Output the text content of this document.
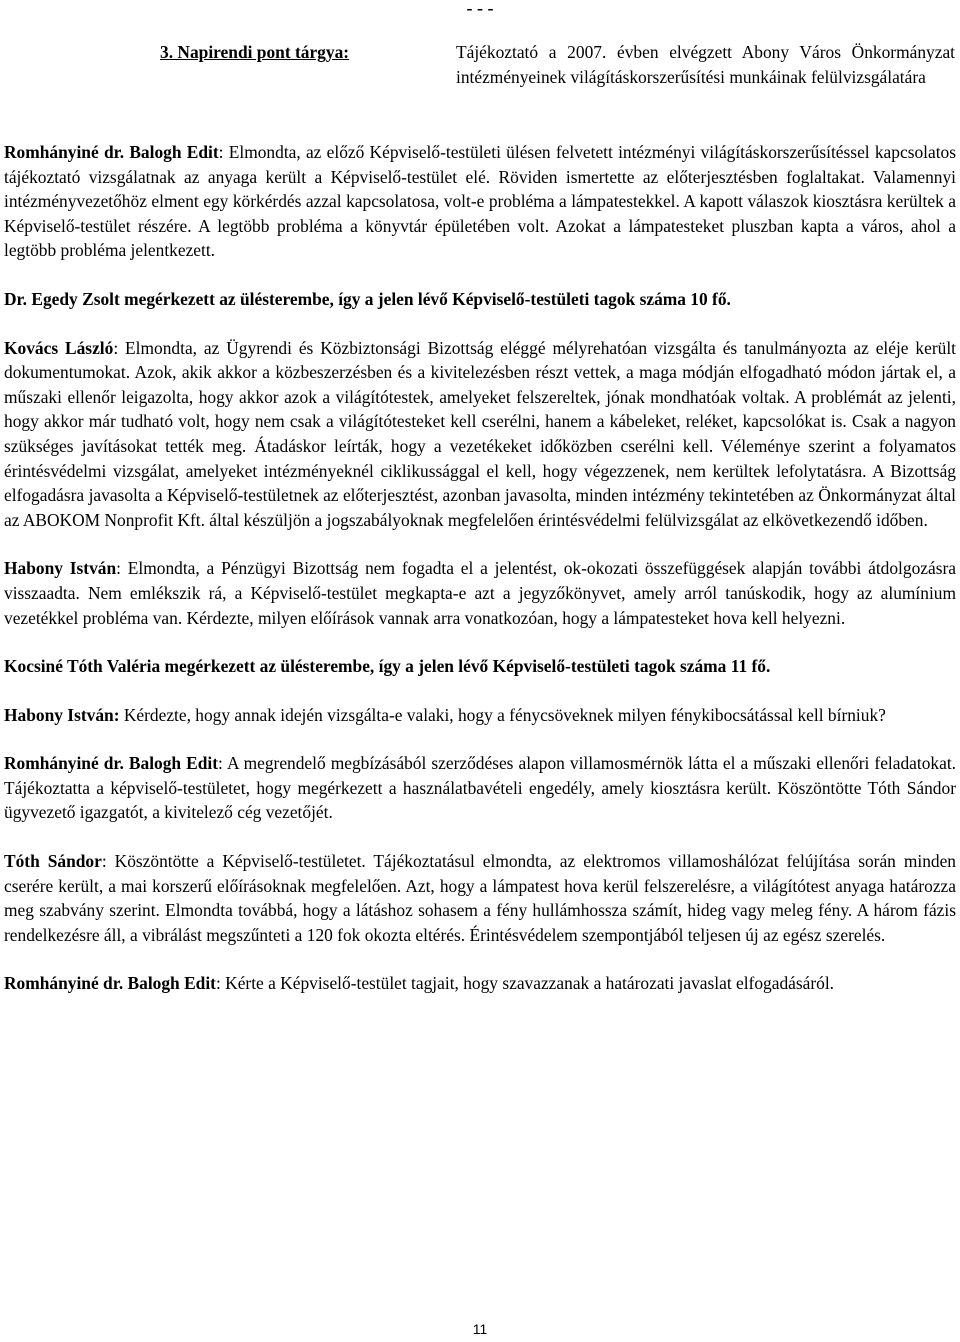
- - -
3. Napirendi pont tárgya:	Tájékoztató a 2007. évben elvégzett Abony Város Önkormányzat intézményeinek világításkorszerűsítési munkáinak felülvizsgálatára

Romhányiné dr. Balogh Edit: Elmondta, az előző Képviselő-testületi ülésen felvetett intézményi világításkorszerűsítéssel kapcsolatos tájékoztató vizsgálatnak az anyaga került a Képviselő-testület elé. Röviden ismertette az előterjesztésben foglaltakat. Valamennyi intézményvezetőhöz elment egy körkérdés azzal kapcsolatosa, volt-e probléma a lámpatestekkel. A kapott válaszok kiosztásra kerültek a Képviselő-testület részére. A legtöbb probléma a könyvtár épületében volt. Azokat a lámpatesteket pluszban kapta a város, ahol a legtöbb probléma jelentkezett.

Dr. Egedy Zsolt megérkezett az ülésterembe, így a jelen lévő Képviselő-testületi tagok száma 10 fő.

Kovács László: Elmondta, az Ügyrendi és Közbiztonsági Bizottság eléggé mélyrehatóan vizsgálta és tanulmányozta az eléje került dokumentumokat. Azok, akik akkor a közbeszerzésben és a kivitelezésben részt vettek, a maga módján elfogadható módon jártak el, a műszaki ellenőr leigazolta, hogy akkor azok a világítótestek, amelyeket felszereltek, jónak mondhatóak voltak. A problémát az jelenti, hogy akkor már tudható volt, hogy nem csak a világítótesteket kell cserélni, hanem a kábeleket, reléket, kapcsolókat is. Csak a nagyon szükséges javításokat tették meg. Átadáskor leírták, hogy a vezetékeket időközben cserélni kell. Véleménye szerint a folyamatos érintésvédelmi vizsgálat, amelyeket intézményeknél ciklikussággal el kell, hogy végezzenek, nem kerültek lefolytatásra. A Bizottság elfogadásra javasolta a Képviselő-testületnek az előterjesztést, azonban javasolta, minden intézmény tekintetében az Önkormányzat által az ABOKOM Nonprofit Kft. által készüljön a jogszabályoknak megfelelően érintésvédelmi felülvizsgálat az elkövetkezendő időben.

Habony István: Elmondta, a Pénzügyi Bizottság nem fogadta el a jelentést, ok-okozati összefüggések alapján további átdolgozásra visszaadta. Nem emlékszik rá, a Képviselő-testület megkapta-e azt a jegyzőkönyvet, amely arról tanúskodik, hogy az alumínium vezetékkel probléma van. Kérdezte, milyen előírások vannak arra vonatkozóan, hogy a lámpatesteket hova kell helyezni.

Kocsiné Tóth Valéria megérkezett az ülésterembe, így a jelen lévő Képviselő-testületi tagok száma 11 fő.

Habony István: Kérdezte, hogy annak idején vizsgálta-e valaki, hogy a fénycsöveknek milyen fénykibocsátással kell bírniuk?

Romhányiné dr. Balogh Edit: A megrendelő megbízásából szerződéses alapon villamosmérnök látta el a műszaki ellenőri feladatokat. Tájékoztatta a képviselő-testületet, hogy megérkezett a használatbavételi engedély, amely kiosztásra került. Köszöntötte Tóth Sándor ügyvezető igazgatót, a kivitelező cég vezetőjét.

Tóth Sándor: Köszöntötte a Képviselő-testületet. Tájékoztatásul elmondta, az elektromos villamoshálózat felújítása során minden cserére került, a mai korszerű előírásoknak megfelelően. Azt, hogy a lámpatest hova kerül felszerelésre, a világítótest anyaga határozza meg szabvány szerint. Elmondta továbbá, hogy a látáshoz sohasem a fény hullámhossza számít, hideg vagy meleg fény. A három fázis rendelkezésre áll, a vibrálást megszűnteti a 120 fok okozta eltérés. Érintésvédelem szempontjából teljesen új az egész szerelés.

Romhányiné dr. Balogh Edit: Kérte a Képviselő-testület tagjait, hogy szavazzanak a határozati javaslat elfogadásáról.

11
